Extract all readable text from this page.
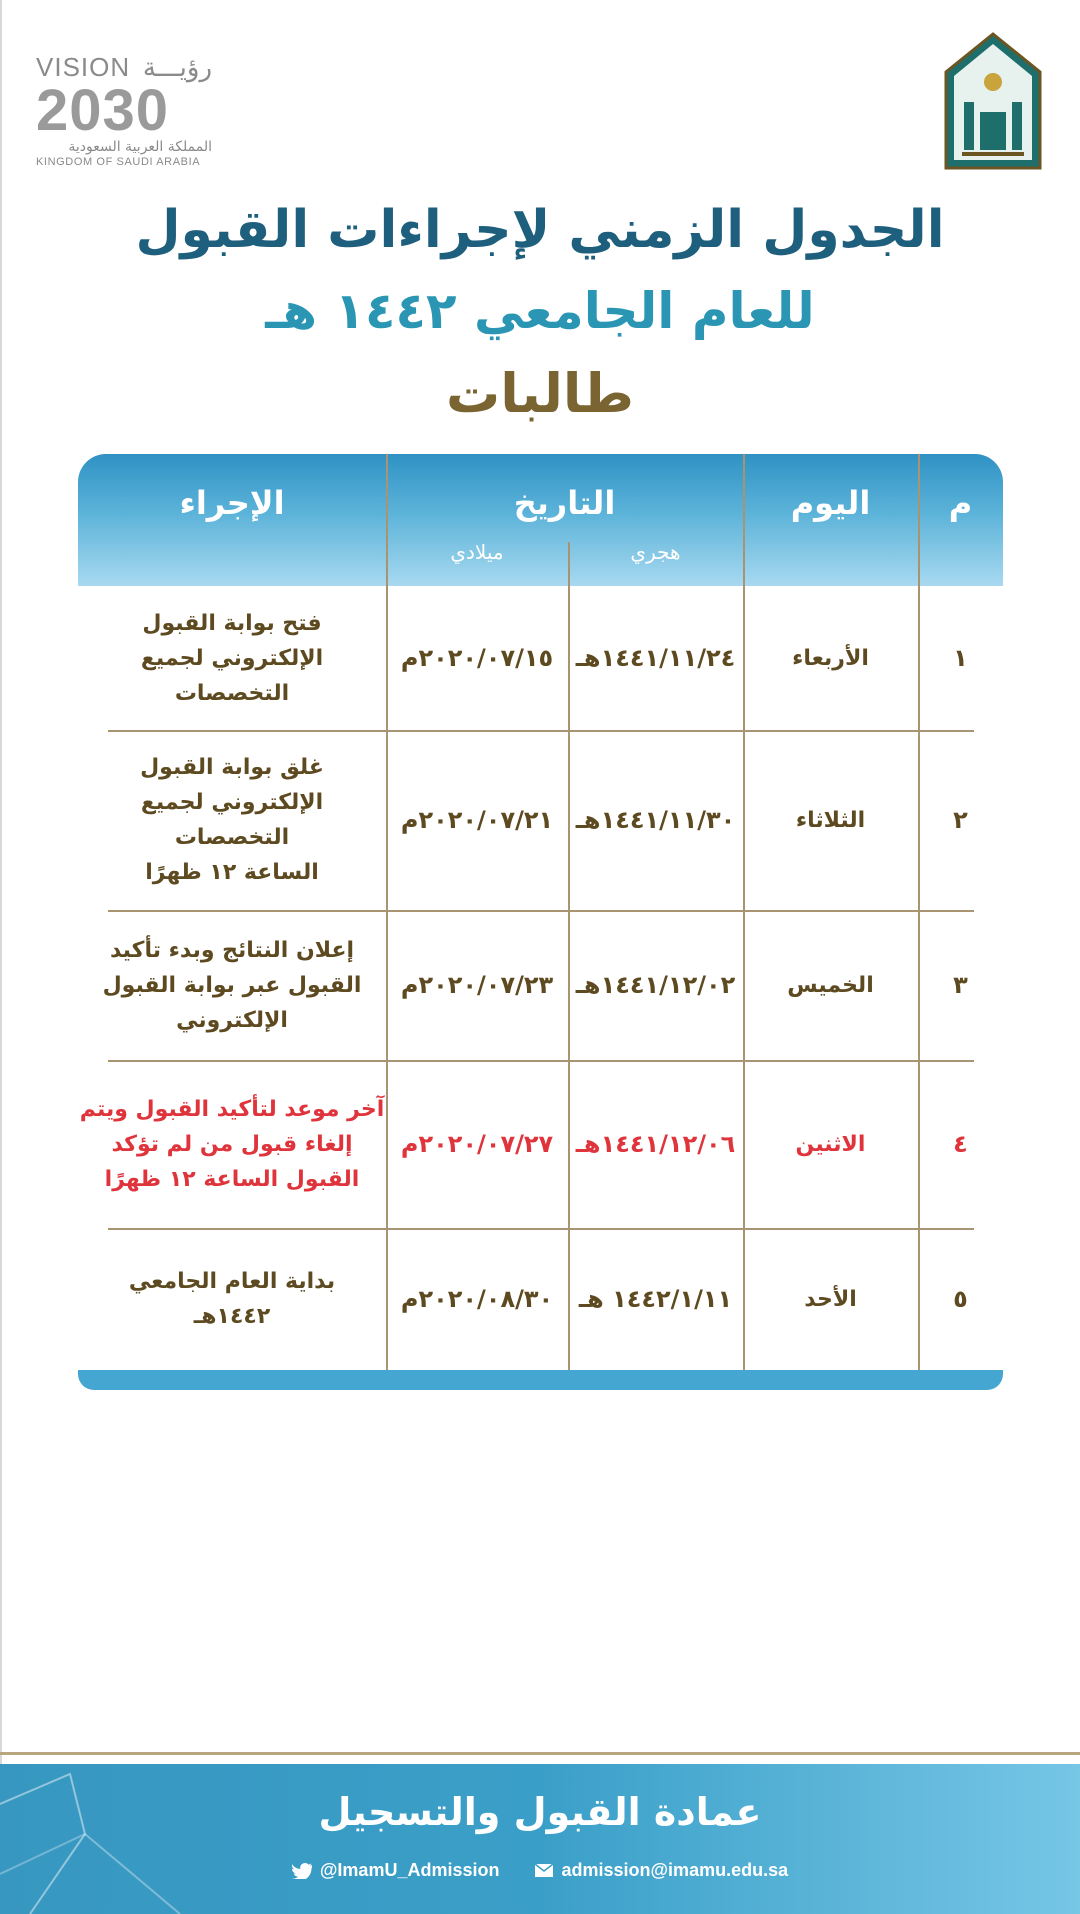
VISION رؤيـــة
2030
المملكة العربية السعودية
KINGDOM OF SAUDI ARABIA
الجدول الزمني لإجراءات القبول
للعام الجامعي ١٤٤٢ هـ
طالبات
م
اليوم
التاريخ
هجري
ميلادي
الإجراء
١
الأربعاء
١٤٤١/١١/٢٤هـ
٢٠٢٠/٠٧/١٥م
فتح بوابة القبول
الإلكتروني لجميع
التخصصات
٢
الثلاثاء
١٤٤١/١١/٣٠هـ
٢٠٢٠/٠٧/٢١م
غلق بوابة القبول
الإلكتروني لجميع
التخصصات
الساعة ١٢ ظهرًا
٣
الخميس
١٤٤١/١٢/٠٢هـ
٢٠٢٠/٠٧/٢٣م
إعلان النتائج وبدء تأكيد
القبول عبر بوابة القبول
الإلكتروني
٤
الاثنين
١٤٤١/١٢/٠٦هـ
٢٠٢٠/٠٧/٢٧م
آخر موعد لتأكيد القبول ويتم
إلغاء قبول من لم تؤكد
القبول الساعة ١٢ ظهرًا
٥
الأحد
١٤٤٢/١/١١ هـ
٢٠٢٠/٠٨/٣٠م
بداية العام الجامعي
١٤٤٢هـ
عمادة القبول والتسجيل
@ImamU_Admission	admission@imamu.edu.sa
